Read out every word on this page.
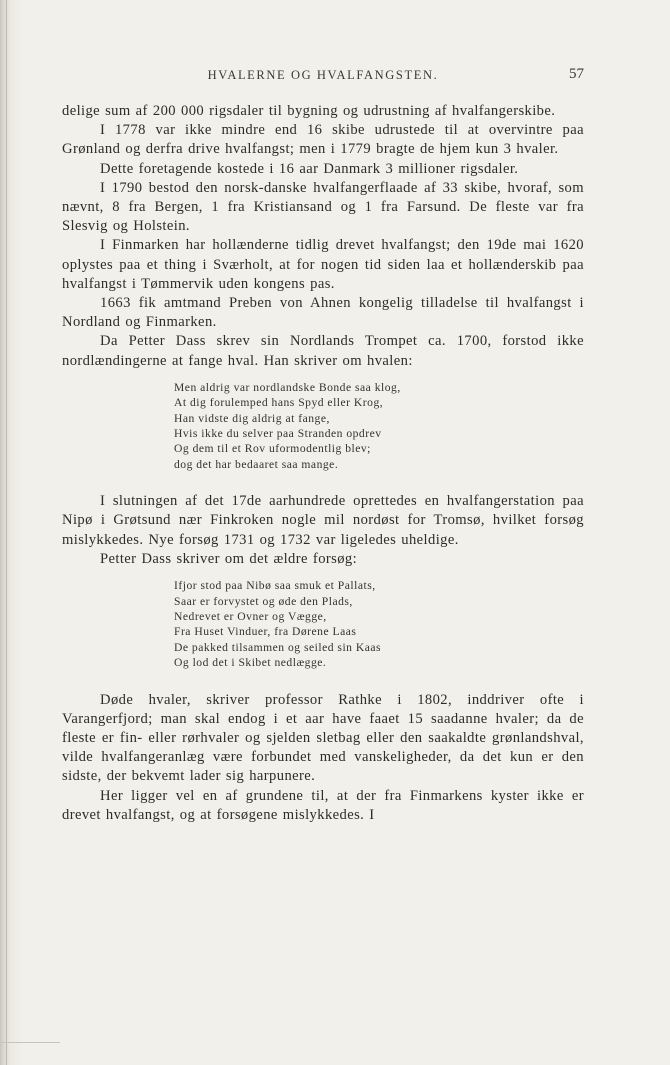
HVALERNE OG HVALFANGSTEN.	57

delige sum af 200 000 rigsdaler til bygning og udrustning af hvalfangerskibe.

I 1778 var ikke mindre end 16 skibe udrustede til at overvintre paa Grønland og derfra drive hvalfangst; men i 1779 bragte de hjem kun 3 hvaler.

Dette foretagende kostede i 16 aar Danmark 3 millioner rigsdaler.

I 1790 bestod den norsk-danske hvalfangerflaade af 33 skibe, hvoraf, som nævnt, 8 fra Bergen, 1 fra Kristiansand og 1 fra Farsund. De fleste var fra Slesvig og Holstein.

I Finmarken har hollænderne tidlig drevet hvalfangst; den 19de mai 1620 oplystes paa et thing i Sværholt, at for nogen tid siden laa et hollænderskib paa hvalfangst i Tømmervik uden kongens pas.

1663 fik amtmand Preben von Ahnen kongelig tilladelse til hvalfangst i Nordland og Finmarken.

Da Petter Dass skrev sin Nordlands Trompet ca. 1700, forstod ikke nordlændingerne at fange hval. Han skriver om hvalen:

Men aldrig var nordlandske Bonde saa klog,
At dig forulemped hans Spyd eller Krog,
Han vidste dig aldrig at fange,
Hvis ikke du selver paa Stranden opdrev
Og dem til et Rov uformodentlig blev;
dog det har bedaaret saa mange.

I slutningen af det 17de aarhundrede oprettedes en hvalfangerstation paa Nipø i Grøtsund nær Finkroken nogle mil nordøst for Tromsø, hvilket forsøg mislykkedes. Nye forsøg 1731 og 1732 var ligeledes uheldige.

Petter Dass skriver om det ældre forsøg:

Ifjor stod paa Nibø saa smuk et Pallats,
Saar er forvystet og øde den Plads,
Nedrevet er Ovner og Vægge,
Fra Huset Vinduer, fra Dørene Laas
De pakked tilsammen og seiled sin Kaas
Og lod det i Skibet nedlægge.

Døde hvaler, skriver professor Rathke i 1802, inddriver ofte i Varangerfjord; man skal endog i et aar have faaet 15 saadanne hvaler; da de fleste er fin- eller rørhvaler og sjelden sletbag eller den saakaldte grønlandshval, vilde hvalfangeranlæg være forbundet med vanskeligheder, da det kun er den sidste, der bekvemt lader sig harpunere.

Her ligger vel en af grundene til, at der fra Finmarkens kyster ikke er drevet hvalfangst, og at forsøgene mislykkedes. I
